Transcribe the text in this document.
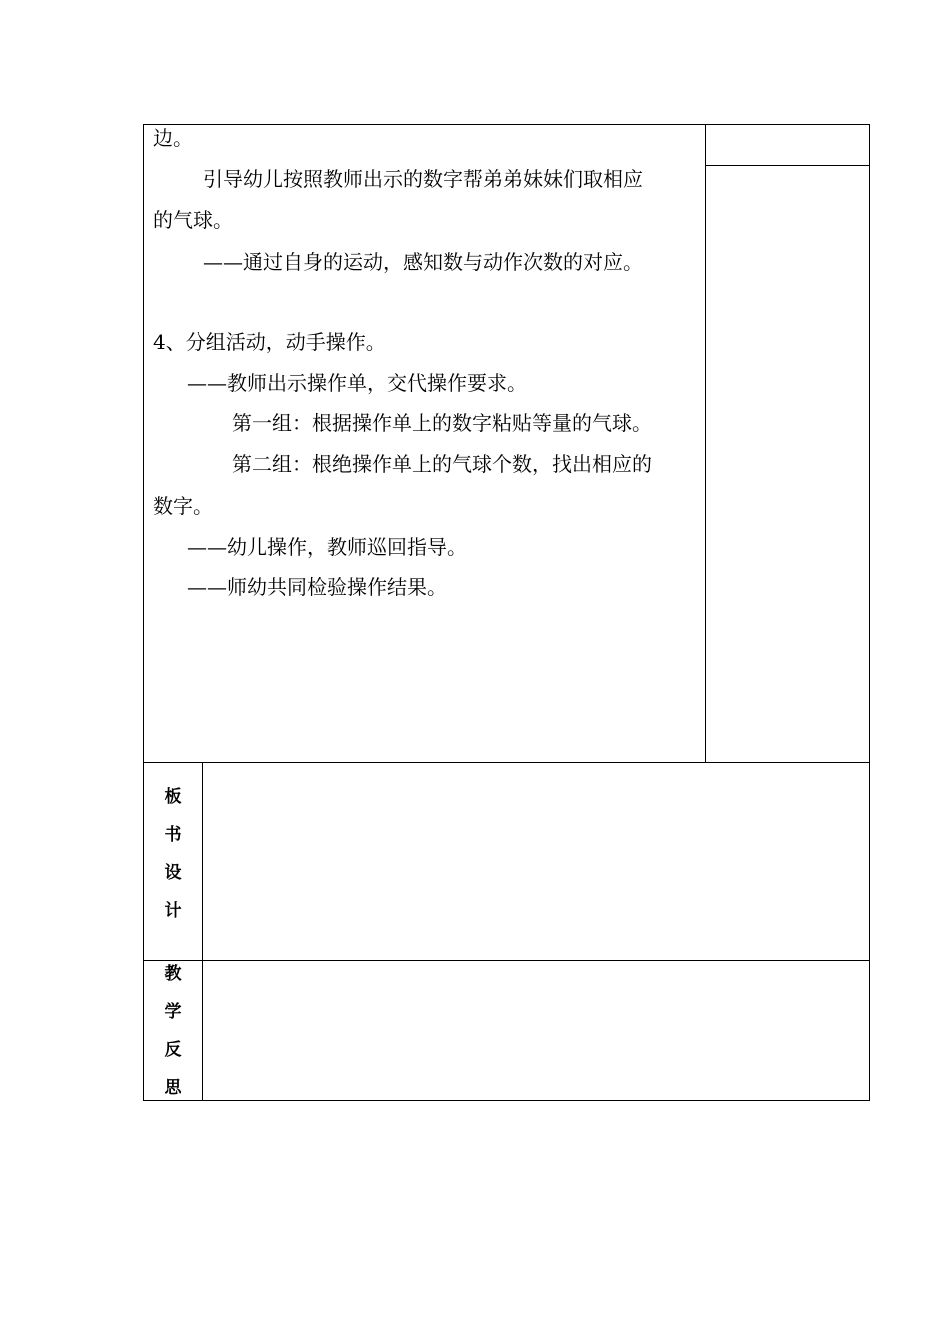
边。
引导幼儿按照教师出示的数字帮弟弟妹妹们取相应
的气球。
——通过自身的运动，感知数与动作次数的对应。
4、分组活动，动手操作。
——教师出示操作单，交代操作要求。
第一组：根据操作单上的数字粘贴等量的气球。
第二组：根绝操作单上的气球个数，找出相应的
数字。
——幼儿操作，教师巡回指导。
——师幼共同检验操作结果。
板
书
设
计
教
学
反
思
